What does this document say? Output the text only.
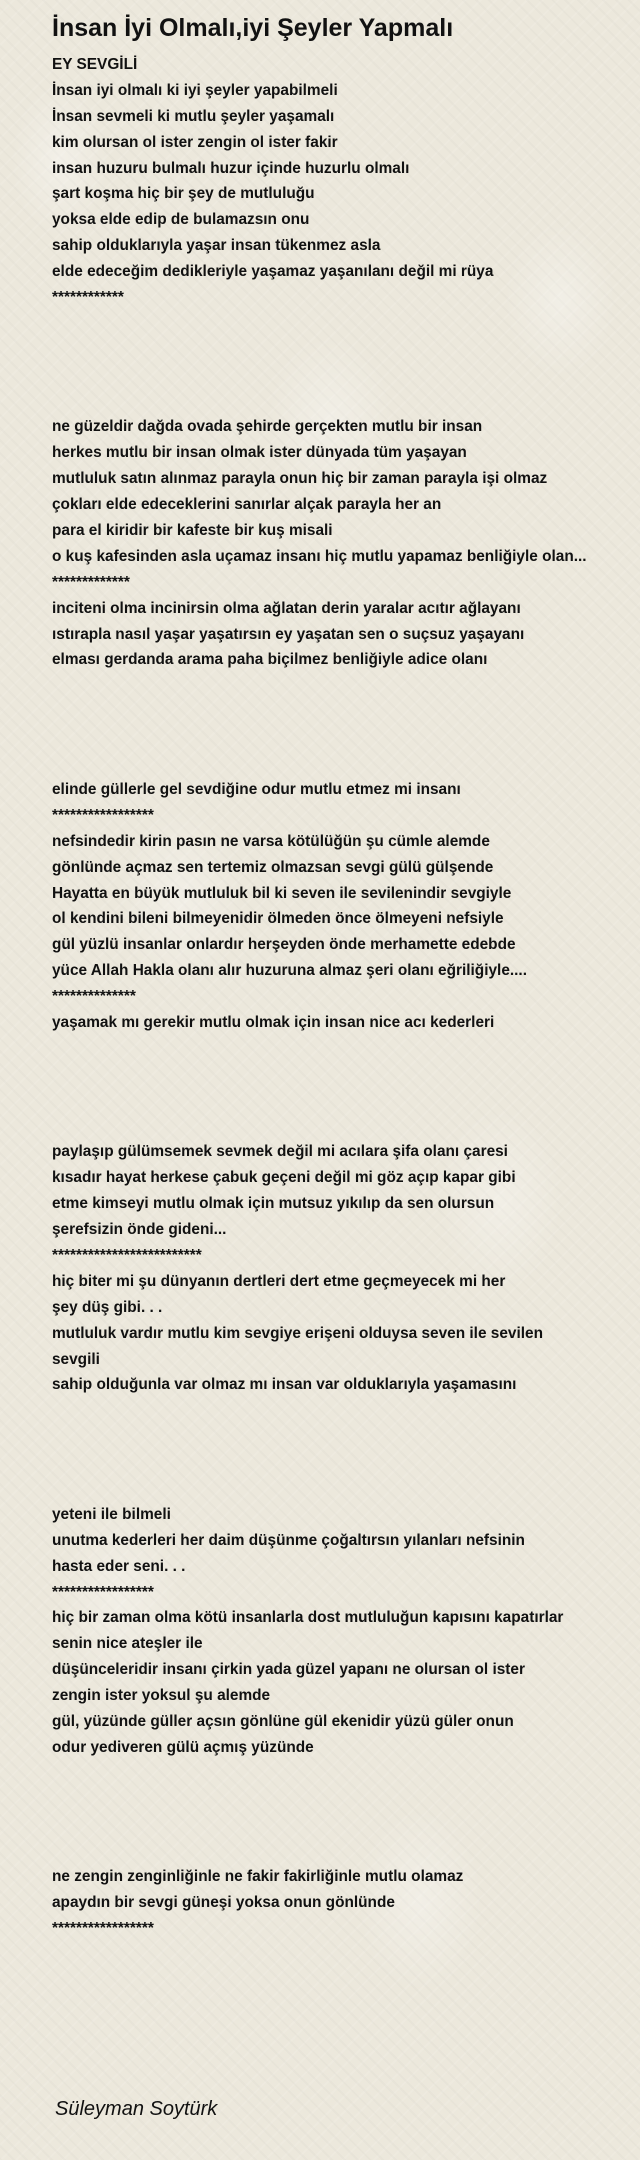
İnsan İyi Olmalı,iyi Şeyler Yapmalı
EY SEVGİLİ
İnsan iyi olmalı ki iyi şeyler yapabilmeli
İnsan sevmeli ki mutlu şeyler yaşamalı
kim olursan ol ister zengin ol ister fakir
insan huzuru bulmalı huzur içinde huzurlu olmalı
şart koşma hiç bir şey de mutluluğu
yoksa elde edip de bulamazsın onu
sahip olduklarıyla yaşar insan tükenmez asla
elde edeceğim dedikleriyle yaşamaz yaşanılanı değil mi rüya
************
ne güzeldir dağda ovada şehirde gerçekten mutlu bir insan
herkes mutlu bir insan olmak ister dünyada tüm yaşayan
mutluluk satın alınmaz parayla onun hiç bir zaman parayla işi olmaz
çokları elde edeceklerini sanırlar alçak parayla her an
para el kiridir bir kafeste bir kuş misali
o kuş kafesinden asla uçamaz insanı hiç mutlu yapamaz benliğiyle olan...
*************
inciteni olma incinirsin olma ağlatan derin yaralar acıtır ağlayanı
ıstırapla nasıl yaşar yaşatırsın ey yaşatan sen o suçsuz yaşayanı
elması gerdanda arama paha biçilmez benliğiyle adice olanı
elinde güllerle gel sevdiğine odur mutlu etmez mi insanı
*****************
nefsindedir kirin pasın ne varsa kötülüğün şu cümle alemde
gönlünde açmaz sen tertemiz olmazsan sevgi gülü gülşende
Hayatta en büyük mutluluk bil ki seven ile sevilenindir sevgiyle
ol kendini bileni bilmeyenidir ölmeden önce ölmeyeni nefsiyle
gül yüzlü insanlar onlardır herşeyden önde merhamette edebde
yüce Allah Hakla olanı alır huzuruna almaz şeri olanı eğriliğiyle....
**************
yaşamak mı gerekir mutlu olmak için insan nice acı kederleri
paylaşıp gülümsemek sevmek değil mi acılara şifa olanı çaresi
kısadır hayat herkese çabuk geçeni değil mi göz açıp kapar gibi
etme kimseyi mutlu olmak için mutsuz yıkılıp da sen olursun
şerefsizin önde gideni...
*************************
hiç biter mi şu dünyanın dertleri dert etme geçmeyecek mi her
şey düş gibi. . .
mutluluk vardır mutlu kim sevgiye erişeni olduysa seven ile sevilen
sevgili
sahip olduğunla var olmaz mı insan var olduklarıyla yaşamasını
yeteni ile bilmeli
unutma kederleri her daim düşünme çoğaltırsın yılanları nefsinin
hasta eder seni. . .
*****************
hiç bir zaman olma kötü insanlarla dost mutluluğun kapısını kapatırlar
senin nice ateşler ile
düşünceleridir insanı çirkin yada güzel yapanı ne olursan ol ister
zengin ister yoksul şu alemde
gül, yüzünde güller açsın gönlüne gül ekenidir yüzü güler onun
odur yediveren gülü açmış yüzünde
ne zengin zenginliğinle ne fakir fakirliğinle mutlu olamaz
apaydın bir sevgi güneşi yoksa onun gönlünde
*****************
Süleyman Soytürk
